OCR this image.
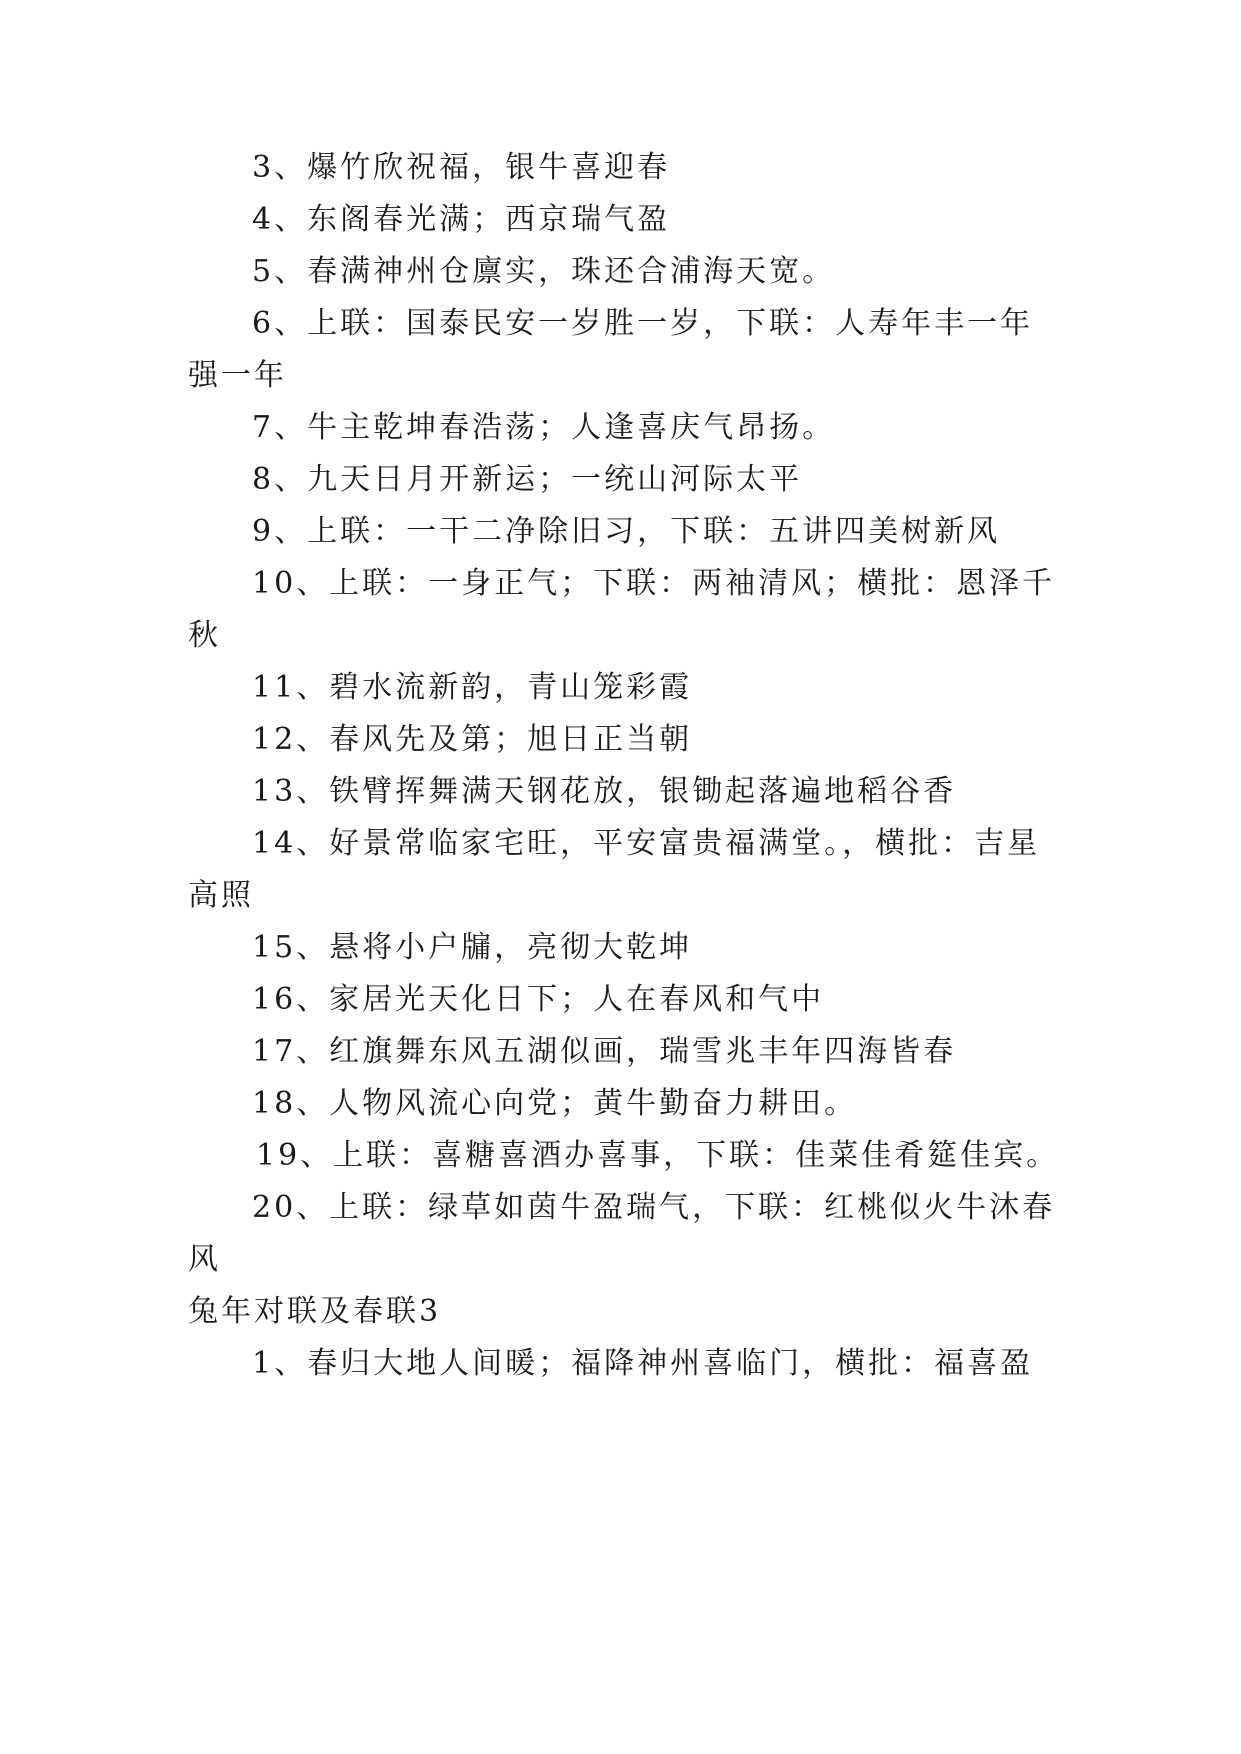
3、爆竹欣祝福，银牛喜迎春
4、东阁春光满；西京瑞气盈
5、春满神州仓廪实，珠还合浦海天宽。
6、上联：国泰民安一岁胜一岁，下联：人寿年丰一年
强一年
7、牛主乾坤春浩荡；人逢喜庆气昂扬。
8、九天日月开新运；一统山河际太平
9、上联：一干二净除旧习，下联：五讲四美树新风
10、上联：一身正气；下联：两袖清风；横批：恩泽千
秋
11、碧水流新韵，青山笼彩霞
12、春风先及第；旭日正当朝
13、铁臂挥舞满天钢花放，银锄起落遍地稻谷香
14、好景常临家宅旺，平安富贵福满堂。，横批：吉星
高照
15、悬将小户牖，亮彻大乾坤
16、家居光天化日下；人在春风和气中
17、红旗舞东风五湖似画，瑞雪兆丰年四海皆春
18、人物风流心向党；黄牛勤奋力耕田。
19、上联：喜糖喜酒办喜事，下联：佳菜佳肴筵佳宾。
20、上联：绿草如茵牛盈瑞气，下联：红桃似火牛沐春
风
兔年对联及春联3
1、春归大地人间暖；福降神州喜临门，横批：福喜盈
